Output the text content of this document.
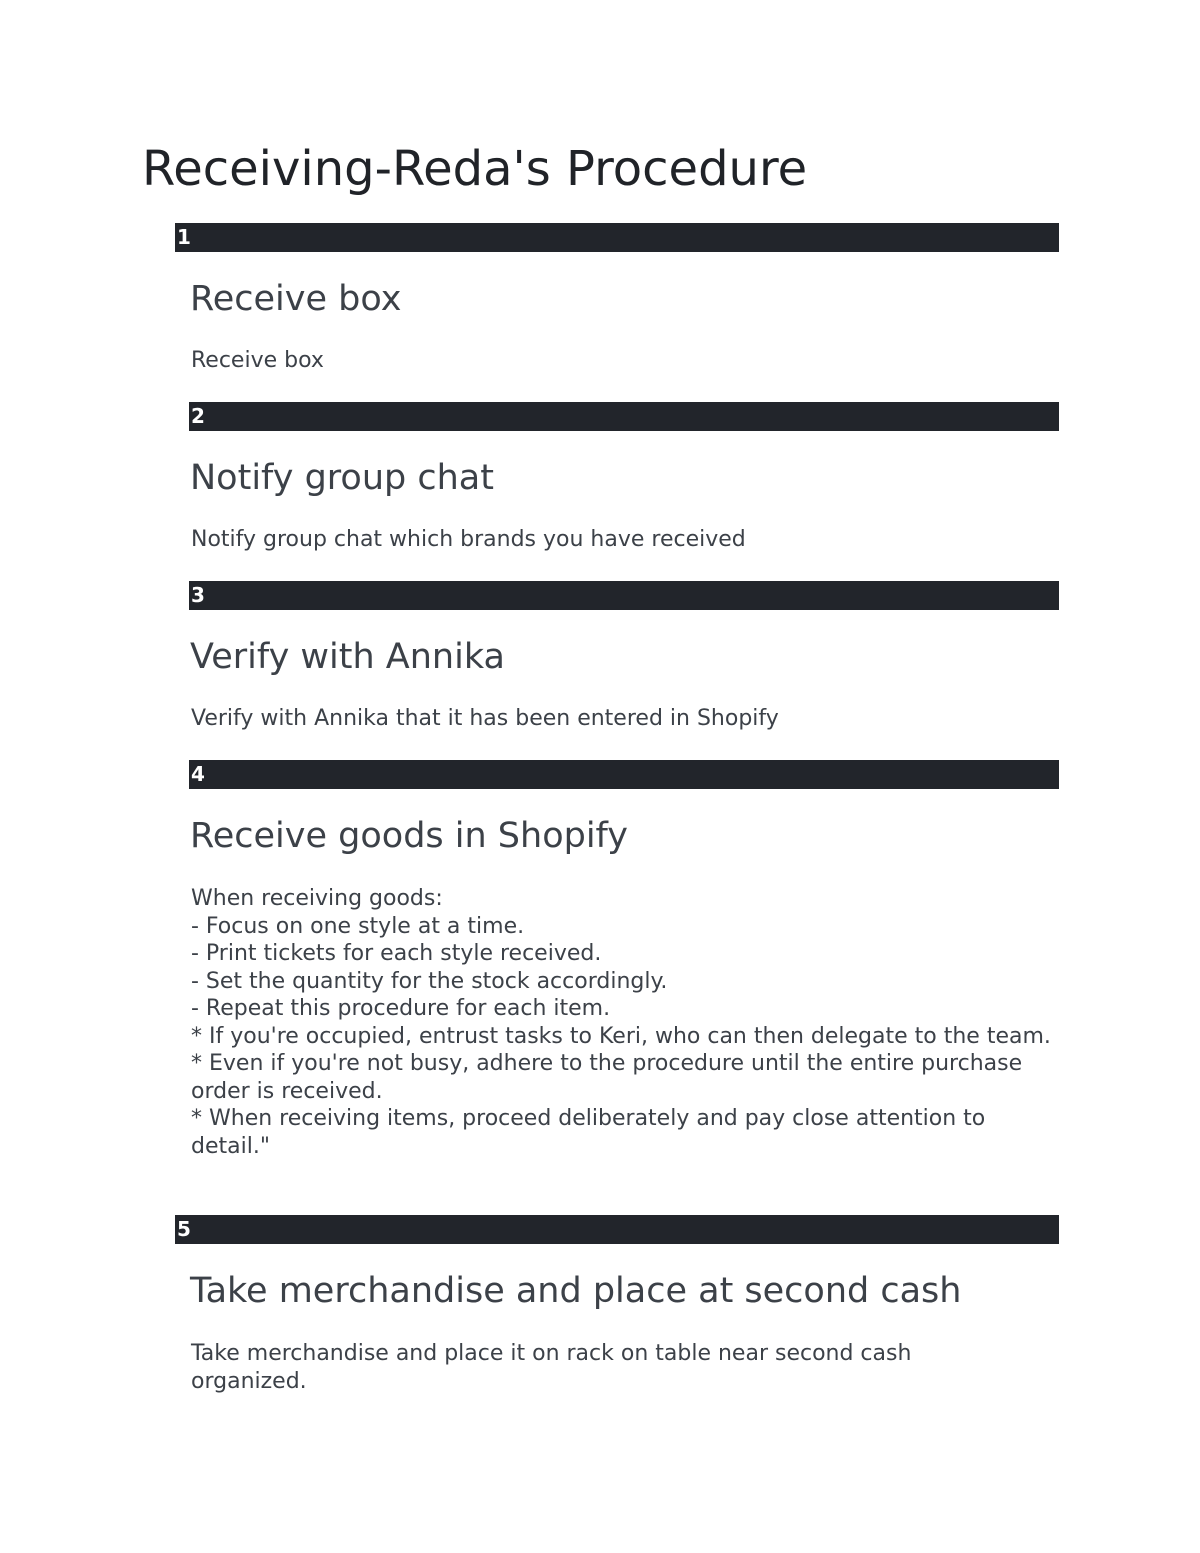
Receiving-Reda's Procedure
1
Receive box
Receive box
2
Notify group chat
Notify group chat which brands you have received
3
Verify with Annika
Verify with Annika that it has been entered in Shopify
4
Receive goods in Shopify
When receiving goods:
- Focus on one style at a time.
- Print tickets for each style received.
- Set the quantity for the stock accordingly.
- Repeat this procedure for each item.
* If you're occupied, entrust tasks to Keri, who can then delegate to the team.
* Even if you're not busy, adhere to the procedure until the entire purchase order is received.
* When receiving items, proceed deliberately and pay close attention to detail."
5
Take merchandise and place at second cash
Take merchandise and place it on rack on table near second cash organized.
